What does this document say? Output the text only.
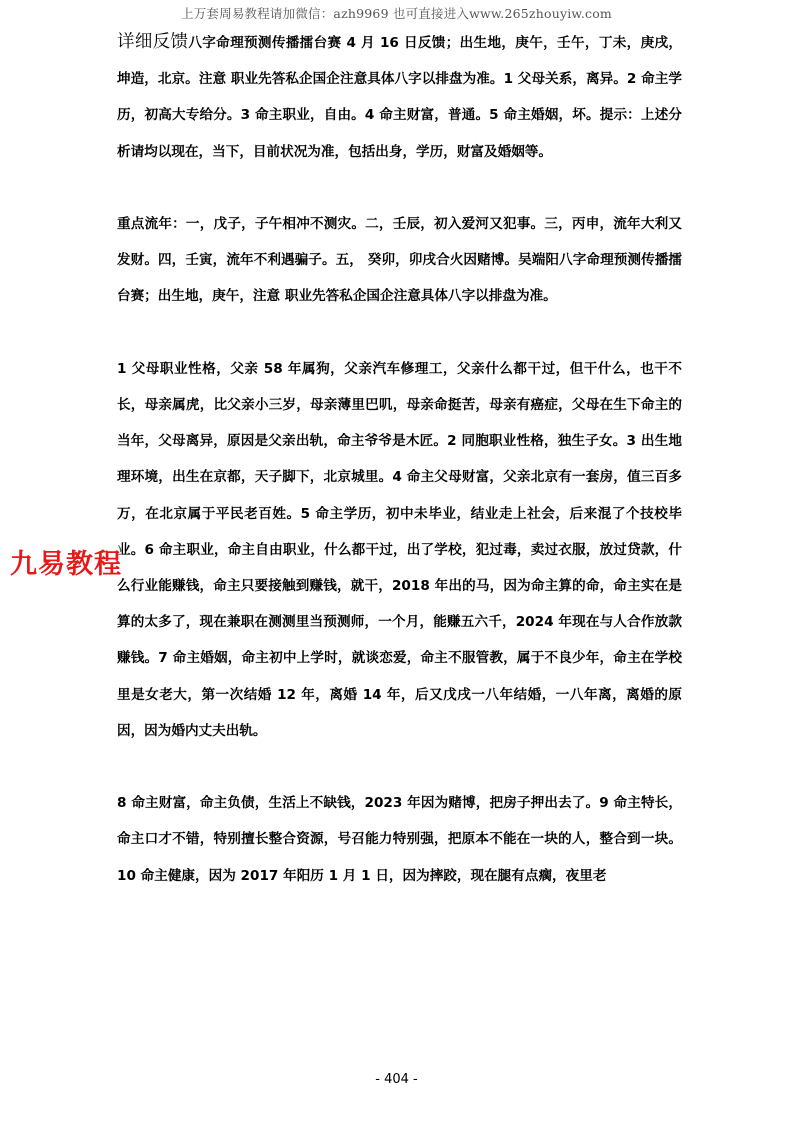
上万套周易教程请加微信：azh9969 也可直接进入www.265zhouyiw.com

详细反馈八字命理预测传播擂台赛 4 月 16 日反馈；出生地，庚午，壬午，丁未，庚戌，坤造，北京。注意 职业先答私企国企注意具体八字以排盘为准。1 父母关系，离异。2 命主学历，初高大专给分。3 命主职业，自由。4 命主财富，普通。5 命主婚姻，坏。提示：上述分析请均以现在，当下，目前状况为准，包括出身，学历，财富及婚姻等。

重点流年：一，戊子，子午相冲不测灾。二，壬辰，初入爱河又犯事。三，丙申，流年大利又发财。四，壬寅，流年不利遇骗子。五， 癸卯，卯戌合火因赌博。吴端阳八字命理预测传播擂台赛；出生地，庚午，注意 职业先答私企国企注意具体八字以排盘为准。

1 父母职业性格，父亲 58 年属狗，父亲汽车修理工，父亲什么都干过，但干什么，也干不长，母亲属虎，比父亲小三岁，母亲薄里巴叽，母亲命挺苦，母亲有癌症，父母在生下命主的当年，父母离异，原因是父亲出轨，命主爷爷是木匠。2 同胞职业性格，独生子女。3 出生地理环境，出生在京都，天子脚下，北京城里。4 命主父母财富，父亲北京有一套房，值三百多万，在北京属于平民老百姓。5 命主学历，初中未毕业，结业走上社会，后来混了个技校毕业。6 命主职业，命主自由职业，什么都干过，出了学校，犯过毒，卖过衣服，放过贷款，什么行业能赚钱，命主只要接触到赚钱，就干，2018 年出的马，因为命主算的命，命主实在是算的太多了，现在兼职在测测里当预测师，一个月，能赚五六千，2024 年现在与人合作放款赚钱。7 命主婚姻，命主初中上学时，就谈恋爱，命主不服管教，属于不良少年，命主在学校里是女老大，第一次结婚 12 年，离婚 14 年，后又戊戌一八年结婚，一八年离，离婚的原因，因为婚内丈夫出轨。

8 命主财富，命主负债，生活上不缺钱，2023 年因为赌博，把房子押出去了。9 命主特长，命主口才不错，特别擅长整合资源，号召能力特别强，把原本不能在一块的人，整合到一块。10 命主健康，因为 2017 年阳历 1 月 1 日，因为摔跤，现在腿有点瘸，夜里老

九易教程
- 404 -
